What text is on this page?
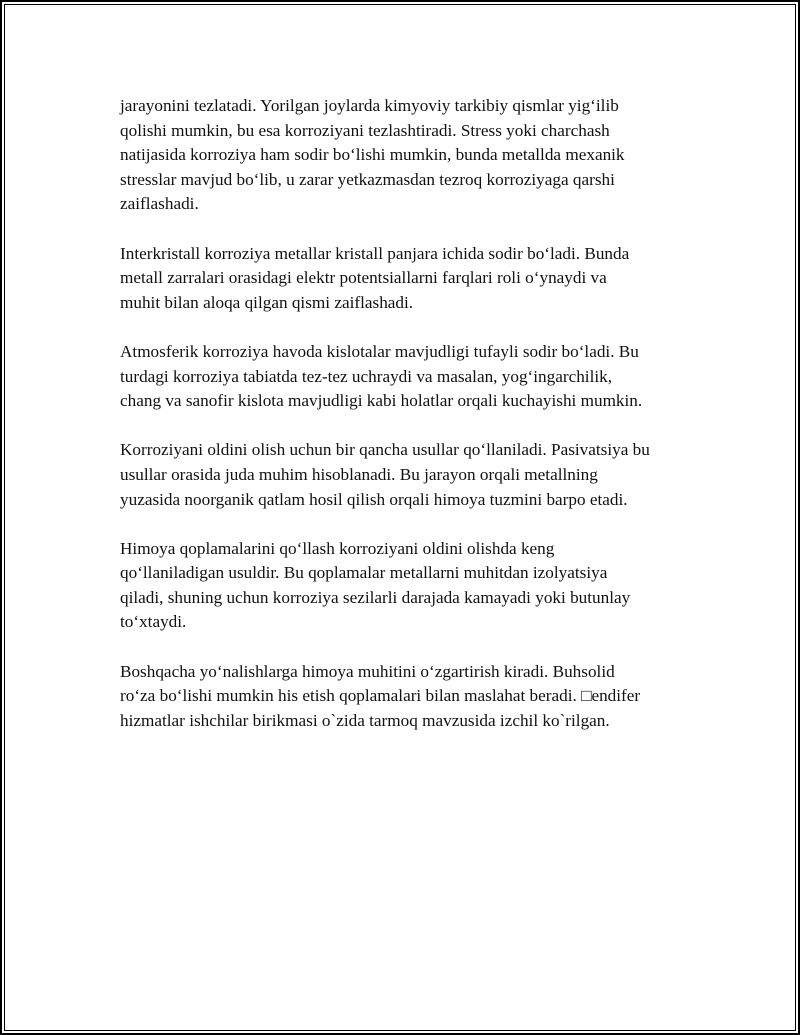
jarayonini tezlatadi. Yorilgan joylarda kimyoviy tarkibiy qismlar yig‘ilib
qolishi mumkin, bu esa korroziyani tezlashtiradi. Stress yoki charchash
natijasida korroziya ham sodir bo‘lishi mumkin, bunda metallda mexanik
stresslar mavjud bo‘lib, u zarar yetkazmasdan tezroq korroziyaga qarshi
zaiflashadi.

Interkristall korroziya metallar kristall panjara ichida sodir bo‘ladi. Bunda
metall zarralari orasidagi elektr potentsiallarni farqlari roli o‘ynaydi va
muhit bilan aloqa qilgan qismi zaiflashadi.

Atmosferik korroziya havoda kislotalar mavjudligi tufayli sodir bo‘ladi. Bu
turdagi korroziya tabiatda tez-tez uchraydi va masalan, yog‘ingarchilik,
chang va sanofir kislota mavjudligi kabi holatlar orqali kuchayishi mumkin.

Korroziyani oldini olish uchun bir qancha usullar qo‘llaniladi. Pasivatsiya bu
usullar orasida juda muhim hisoblanadi. Bu jarayon orqali metallning
yuzasida noorganik qatlam hosil qilish orqali himoya tuzmini barpo etadi.

Himoya qoplamalarini qo‘llash korroziyani oldini olishda keng
qo‘llaniladigan usuldir. Bu qoplamalar metallarni muhitdan izolyatsiya
qiladi, shuning uchun korroziya sezilarli darajada kamayadi yoki butunlay
to‘xtaydi.

Boshqacha yo‘nalishlarga himoya muhitini o‘zgartirish kiradi. Buhsolid
ro‘za bo‘lishi mumkin his etish qoplamalari bilan maslahat beradi. □endifer
hizmatlar ishchilar birikmasi o`zida tarmoq mavzusida izchil ko`rilgan.
